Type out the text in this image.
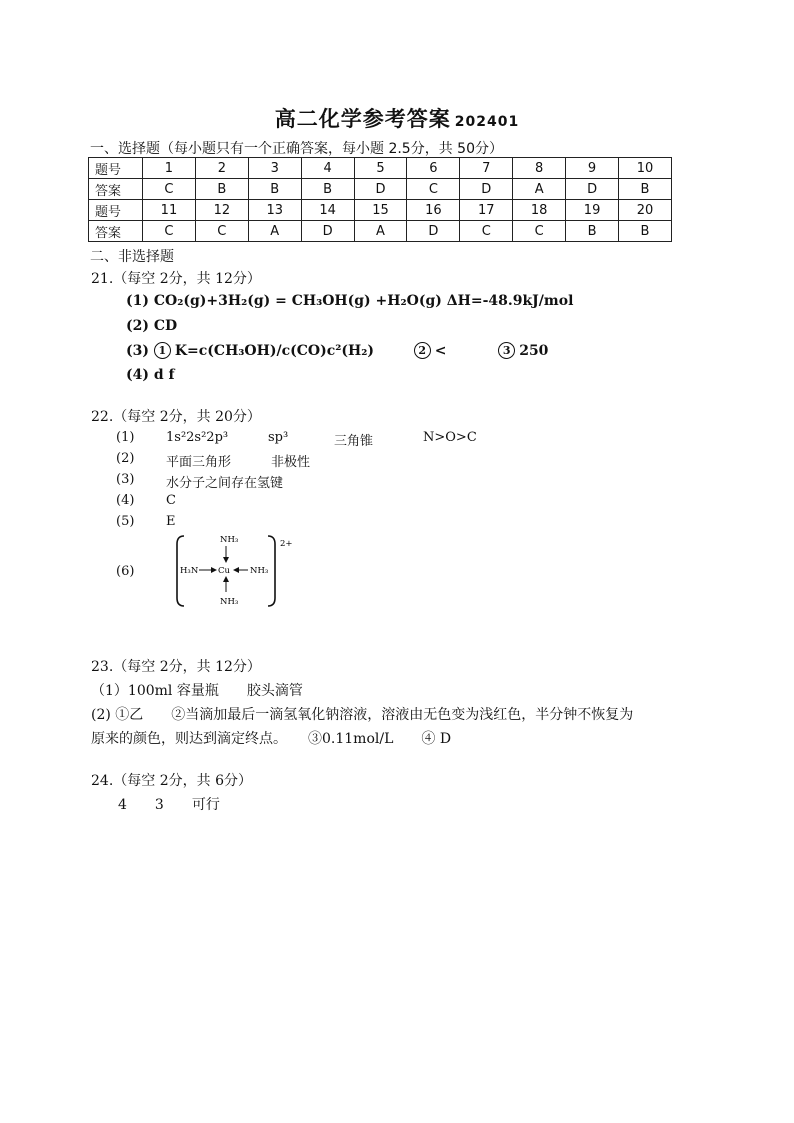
高二化学参考答案 202401
一、选择题（每小题只有一个正确答案，每小题 2.5分，共 50分）
题号	1	2	3	4	5	6	7	8	9	10
答案	C	B	B	B	D	C	D	A	D	B
题号	11	12	13	14	15	16	17	18	19	20
答案	C	C	A	D	A	D	C	C	B	B
二、非选择题
21.（每空 2分，共 12分）
(1) CO₂(g)+3H₂(g) = CH₃OH(g) +H₂O(g) ΔH=-48.9kJ/mol
(2) CD
(3) 1 K=c(CH₃OH)/c(CO)c²(H₂)	2 <	3 250
(4) d f
22.（每空 2分，共 20分）
(1) 1s²2s²2p³	sp³	三角锥	N>O>C
(2) 平面三角形	非极性
(3) 水分子之间存在氢键
(4) C
(5) E
(6)
NH₃
NH₃
H₃N	NH₃
Cu
2+
23.（每空 2分，共 12分）
（1）100ml 容量瓶　　胶头滴管
(2) ①乙　　②当滴加最后一滴氢氧化钠溶液，溶液由无色变为浅红色，半分钟不恢复为
原来的颜色，则达到滴定终点。　　③0.11mol/L　　④ D
24.（每空 2分，共 6分）
4　　3　　可行
